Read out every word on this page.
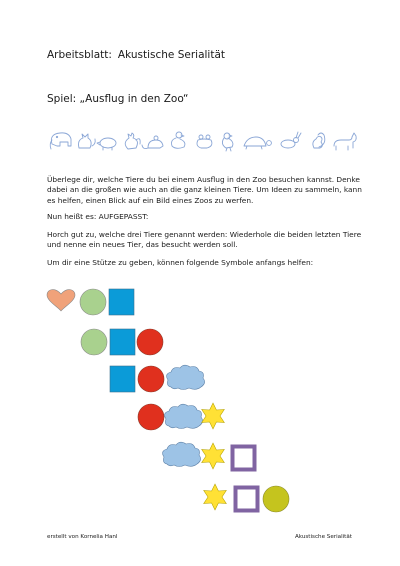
Arbeitsblatt: Akustische Serialität
Spiel: „Ausflug in den Zoo“
Überlege dir, welche Tiere du bei einem Ausflug in den Zoo besuchen kannst. Denke dabei an die großen wie auch an die ganz kleinen Tiere. Um Ideen zu sammeln, kann es helfen, einen Blick auf ein Bild eines Zoos zu werfen.
Nun heißt es: AUFGEPASST:
Horch gut zu, welche drei Tiere genannt werden: Wiederhole die beiden letzten Tiere und nenne ein neues Tier, das besucht werden soll.
Um dir eine Stütze zu geben, können folgende Symbole anfangs helfen:
erstellt von Kornelia Hanl	Akustische Serialität
